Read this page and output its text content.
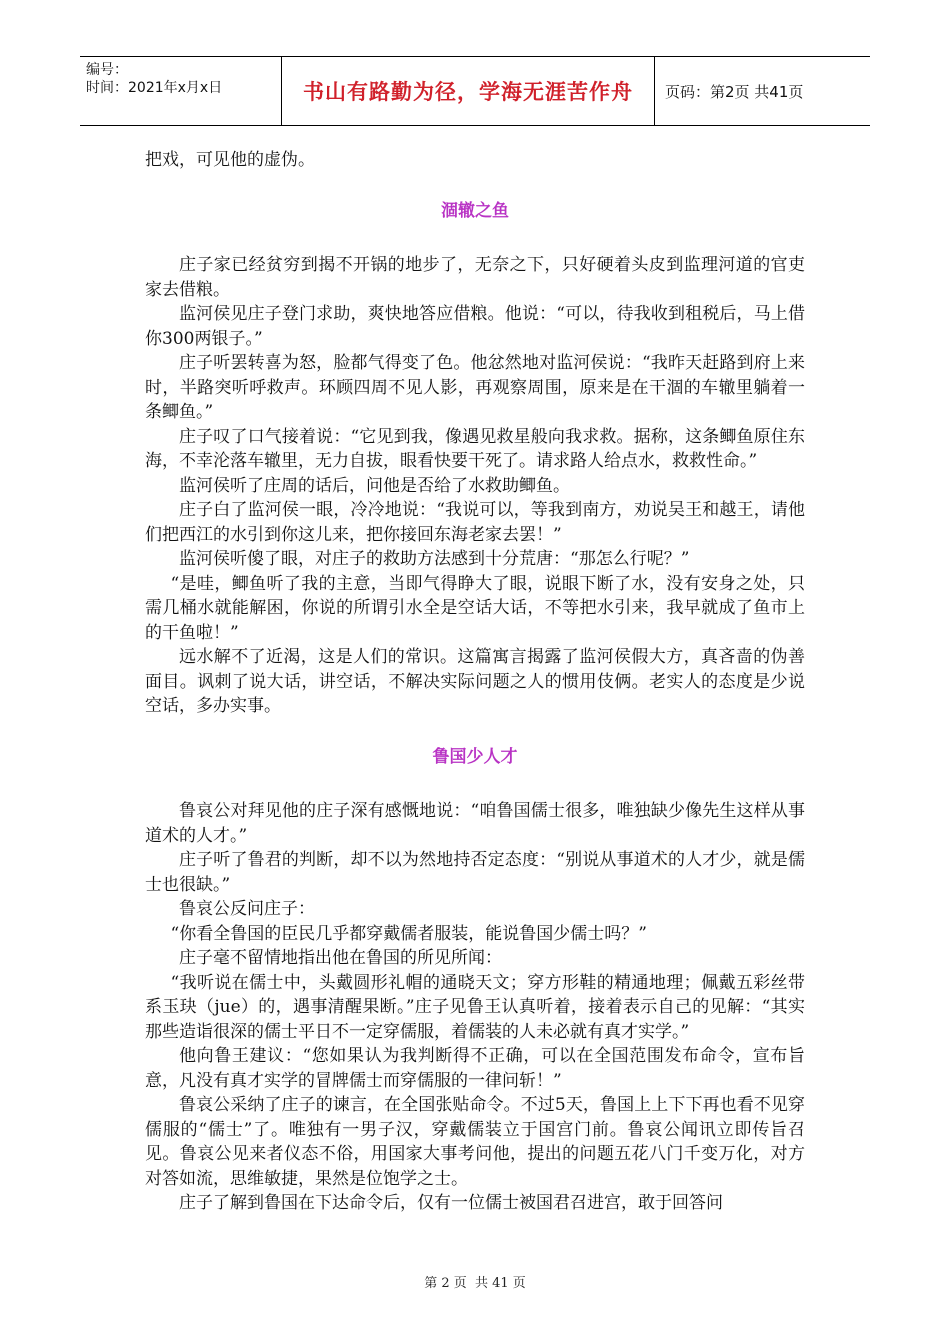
编号：
时间：2021年x月x日	书山有路勤为径，学海无涯苦作舟	页码：第2页 共41页

把戏，可见他的虚伪。

涸辙之鱼

庄子家已经贫穷到揭不开锅的地步了，无奈之下，只好硬着头皮到监理河道的官吏家去借粮。

监河侯见庄子登门求助，爽快地答应借粮。他说：“可以，待我收到租税后，马上借你300两银子。”

庄子听罢转喜为怒，脸都气得变了色。他忿然地对监河侯说：“我昨天赶路到府上来时，半路突听呼救声。环顾四周不见人影，再观察周围，原来是在干涸的车辙里躺着一条鲫鱼。”

庄子叹了口气接着说：“它见到我，像遇见救星般向我求救。据称，这条鲫鱼原住东海，不幸沦落车辙里，无力自拔，眼看快要干死了。请求路人给点水，救救性命。”

监河侯听了庄周的话后，问他是否给了水救助鲫鱼。

庄子白了监河侯一眼，冷冷地说：“我说可以，等我到南方，劝说吴王和越王，请他们把西江的水引到你这儿来，把你接回东海老家去罢！”

监河侯听傻了眼，对庄子的救助方法感到十分荒唐：“那怎么行呢？”

“是哇，鲫鱼听了我的主意，当即气得睁大了眼，说眼下断了水，没有安身之处，只需几桶水就能解困，你说的所谓引水全是空话大话，不等把水引来，我早就成了鱼市上的干鱼啦！”

远水解不了近渴，这是人们的常识。这篇寓言揭露了监河侯假大方，真吝啬的伪善面目。讽刺了说大话，讲空话，不解决实际问题之人的惯用伎俩。老实人的态度是少说空话，多办实事。

鲁国少人才

鲁哀公对拜见他的庄子深有感慨地说：“咱鲁国儒士很多，唯独缺少像先生这样从事道术的人才。”

庄子听了鲁君的判断，却不以为然地持否定态度：“别说从事道术的人才少，就是儒士也很缺。”

鲁哀公反问庄子：

“你看全鲁国的臣民几乎都穿戴儒者服装，能说鲁国少儒士吗？”

庄子毫不留情地指出他在鲁国的所见所闻：

“我听说在儒士中，头戴圆形礼帽的通晓天文；穿方形鞋的精通地理；佩戴五彩丝带系玉玦（jue）的，遇事清醒果断。”庄子见鲁王认真听着，接着表示自己的见解：“其实那些造诣很深的儒士平日不一定穿儒服，着儒装的人未必就有真才实学。”

他向鲁王建议：“您如果认为我判断得不正确，可以在全国范围发布命令，宣布旨意，凡没有真才实学的冒牌儒士而穿儒服的一律问斩！”

鲁哀公采纳了庄子的谏言，在全国张贴命令。不过5天，鲁国上上下下再也看不见穿儒服的“儒士”了。唯独有一男子汉，穿戴儒装立于国宫门前。鲁哀公闻讯立即传旨召见。鲁哀公见来者仪态不俗，用国家大事考问他，提出的问题五花八门千变万化，对方对答如流，思维敏捷，果然是位饱学之士。

庄子了解到鲁国在下达命令后，仅有一位儒士被国君召进宫，敢于回答问

第 2 页  共 41 页
